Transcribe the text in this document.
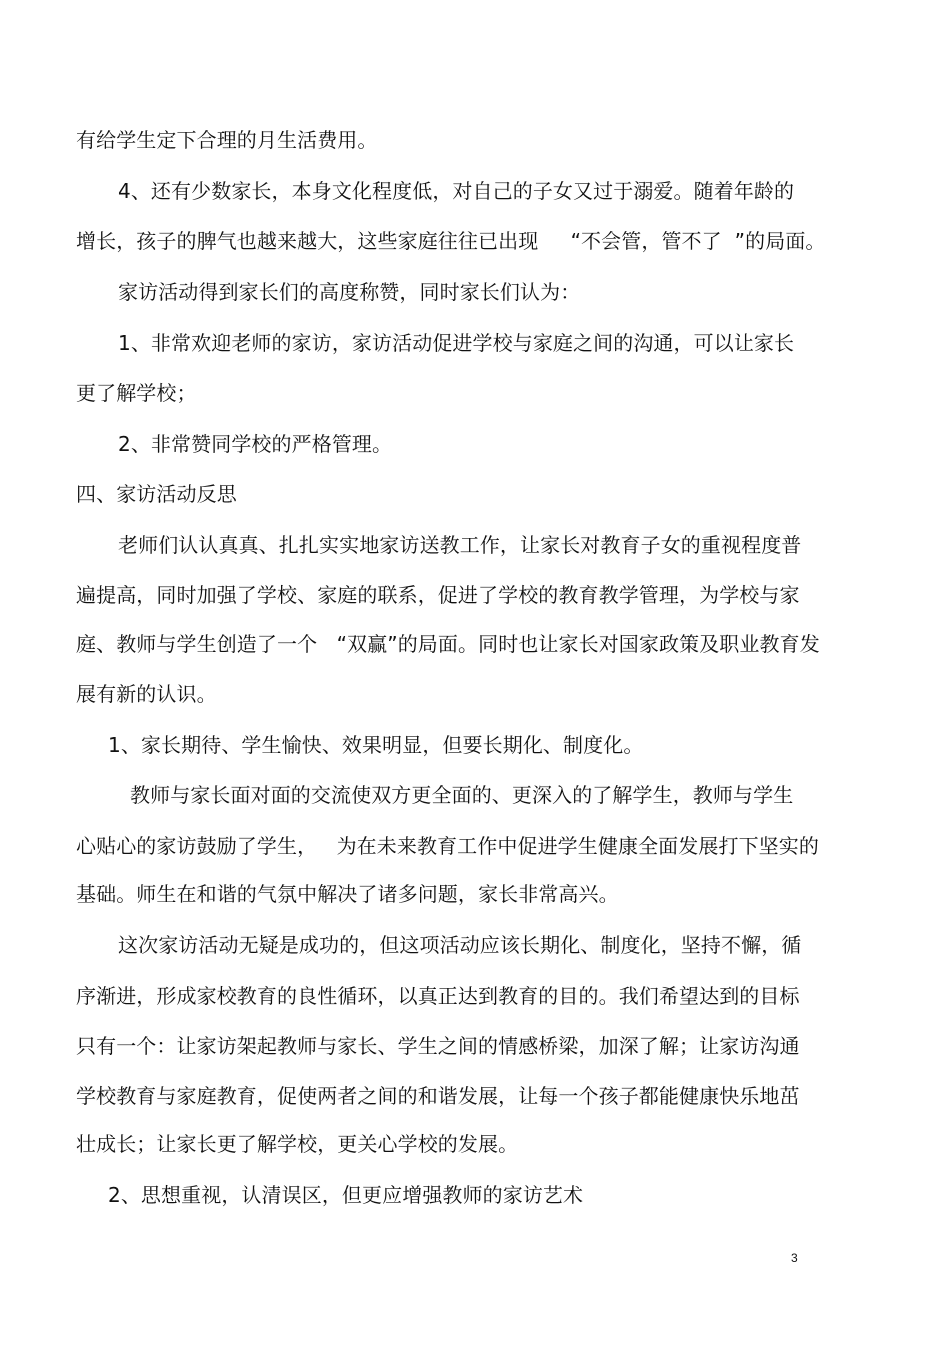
有给学生定下合理的月生活费用。
4、还有少数家长，本身文化程度低，对自己的子女又过于溺爱。随着年龄的
增长，孩子的脾气也越来越大，这些家庭往往已出现     “不会管，管不了  ”的局面。
家访活动得到家长们的高度称赞，同时家长们认为：
1、非常欢迎老师的家访，家访活动促进学校与家庭之间的沟通，可以让家长
更了解学校；
2、非常赞同学校的严格管理。
四、家访活动反思
老师们认认真真、扎扎实实地家访送教工作，让家长对教育子女的重视程度普
遍提高，同时加强了学校、家庭的联系，促进了学校的教育教学管理，为学校与家
庭、教师与学生创造了一个   “双赢”的局面。同时也让家长对国家政策及职业教育发
展有新的认识。
1、家长期待、学生愉快、效果明显，但要长期化、制度化。
教师与家长面对面的交流使双方更全面的、更深入的了解学生，教师与学生
心贴心的家访鼓励了学生，   为在未来教育工作中促进学生健康全面发展打下坚实的
基础。师生在和谐的气氛中解决了诸多问题，家长非常高兴。
这次家访活动无疑是成功的，但这项活动应该长期化、制度化，坚持不懈，循
序渐进，形成家校教育的良性循环，以真正达到教育的目的。我们希望达到的目标
只有一个：让家访架起教师与家长、学生之间的情感桥梁，加深了解；让家访沟通
学校教育与家庭教育，促使两者之间的和谐发展，让每一个孩子都能健康快乐地茁
壮成长；让家长更了解学校，更关心学校的发展。
2、思想重视，认清误区，但更应增强教师的家访艺术
3
